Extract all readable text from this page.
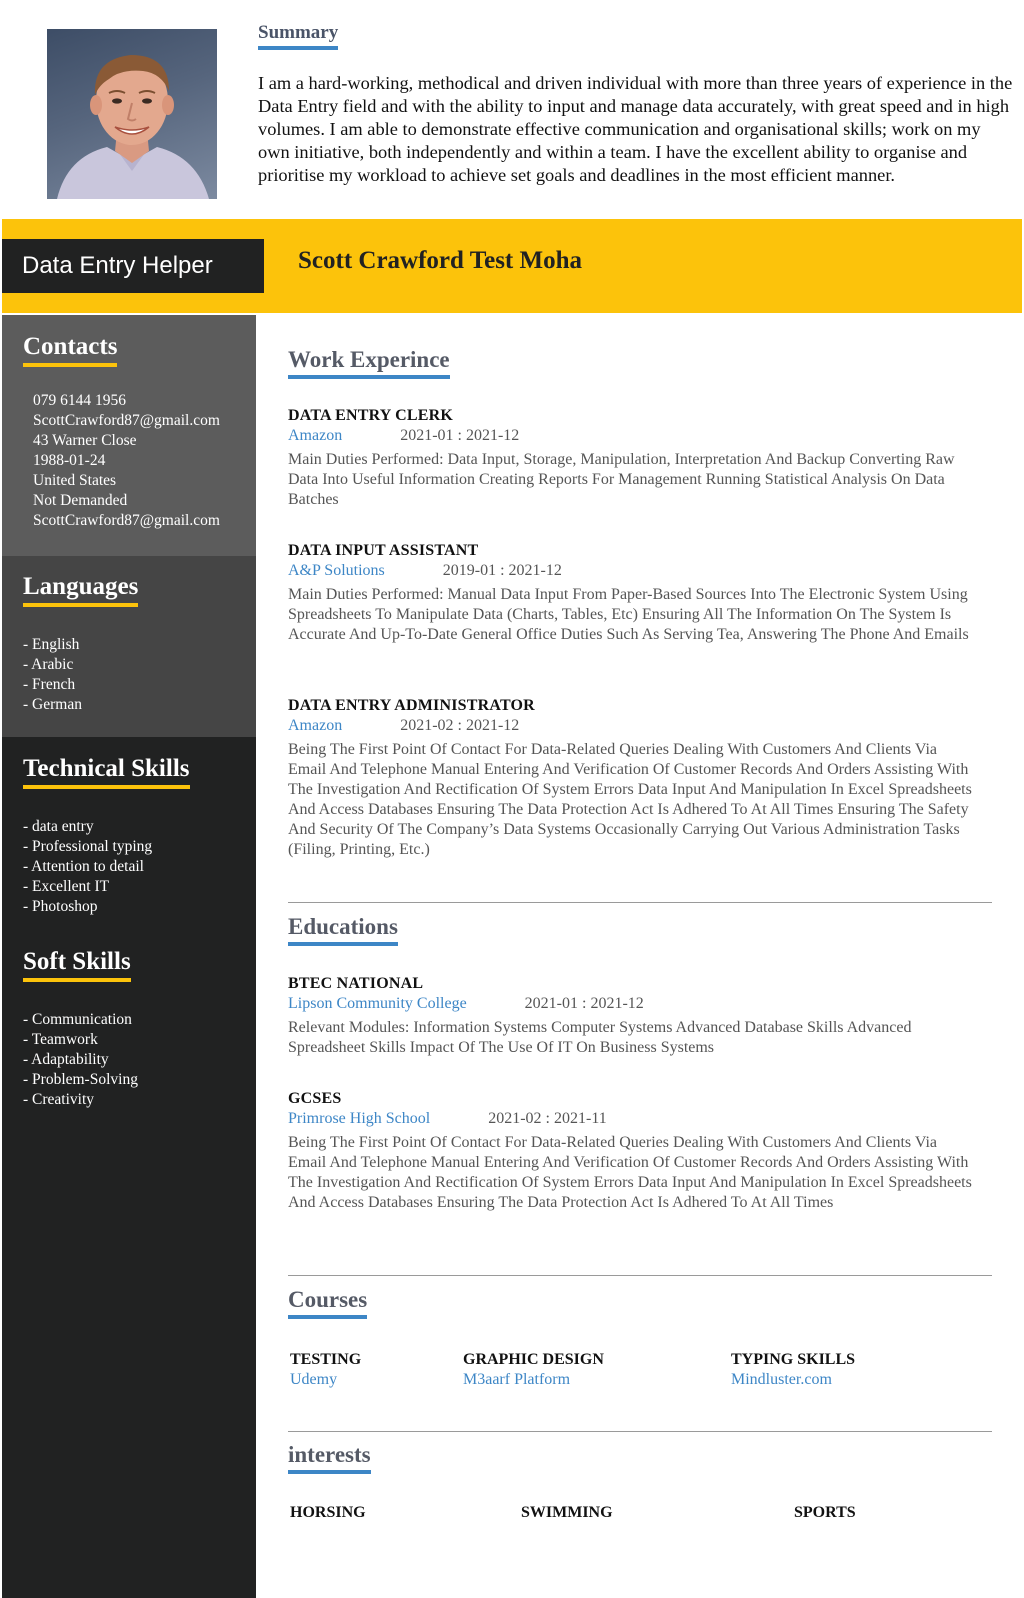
Summary

I am a hard-working, methodical and driven individual with more than three years of experience in the Data Entry field and with the ability to input and manage data accurately, with great speed and in high volumes. I am able to demonstrate effective communication and organisational skills; work on my own initiative, both independently and within a team. I have the excellent ability to organise and prioritise my workload to achieve set goals and deadlines in the most efficient manner.

Data Entry Helper	Scott Crawford Test Moha
Contacts
079 6144 1956
ScottCrawford87@gmail.com
43 Warner Close
1988-01-24
United States
Not Demanded
ScottCrawford87@gmail.com
Languages
- English
- Arabic
- French
- German
Technical Skills
- data entry
- Professional typing
- Attention to detail
- Excellent IT
- Photoshop
Soft Skills
- Communication
- Teamwork
- Adaptability
- Problem-Solving
- Creativity
Work Experince
DATA ENTRY CLERK
Amazon	2021-01 : 2021-12

Main Duties Performed: Data Input, Storage, Manipulation, Interpretation And Backup Converting Raw Data Into Useful Information Creating Reports For Management Running Statistical Analysis On Data Batches

DATA INPUT ASSISTANT
A&P Solutions	2019-01 : 2021-12

Main Duties Performed: Manual Data Input From Paper-Based Sources Into The Electronic System Using Spreadsheets To Manipulate Data (Charts, Tables, Etc) Ensuring All The Information On The System Is Accurate And Up-To-Date General Office Duties Such As Serving Tea, Answering The Phone And Emails

DATA ENTRY ADMINISTRATOR
Amazon	2021-02 : 2021-12

Being The First Point Of Contact For Data-Related Queries Dealing With Customers And Clients Via Email And Telephone Manual Entering And Verification Of Customer Records And Orders Assisting With The Investigation And Rectification Of System Errors Data Input And Manipulation In Excel Spreadsheets And Access Databases Ensuring The Data Protection Act Is Adhered To At All Times Ensuring The Safety And Security Of The Company’s Data Systems Occasionally Carrying Out Various Administration Tasks (Filing, Printing, Etc.)

Educations
BTEC NATIONAL
Lipson Community College	2021-01 : 2021-12

Relevant Modules: Information Systems Computer Systems Advanced Database Skills Advanced Spreadsheet Skills Impact Of The Use Of IT On Business Systems

GCSES
Primrose High School	2021-02 : 2021-11

Being The First Point Of Contact For Data-Related Queries Dealing With Customers And Clients Via Email And Telephone Manual Entering And Verification Of Customer Records And Orders Assisting With The Investigation And Rectification Of System Errors Data Input And Manipulation In Excel Spreadsheets And Access Databases Ensuring The Data Protection Act Is Adhered To At All Times

Courses
TESTING
Udemy
GRAPHIC DESIGN
M3aarf Platform
TYPING SKILLS
Mindluster.com
interests
HORSING	SWIMMING	SPORTS
